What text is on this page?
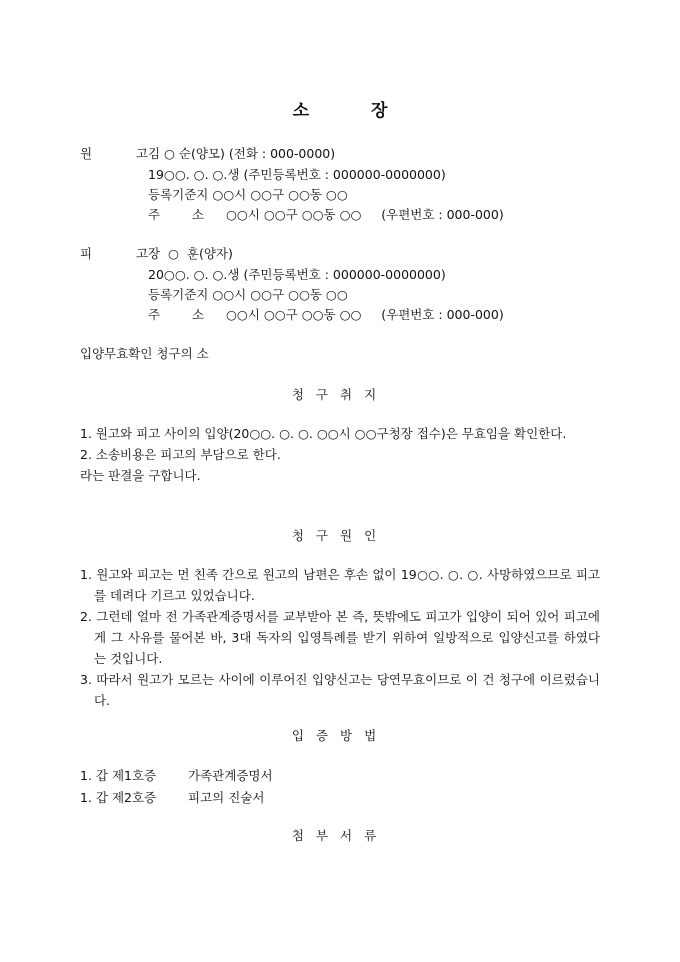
소	장
원 고
김 ○ 순(양모) (전화 : 000-0000)
19○○. ○. ○.생 (주민등록번호 : 000000-0000000)
등록기준지 ○○시 ○○구 ○○동 ○○
주        소 ○○시 ○○구 ○○동 ○○     (우편번호 : 000-000)
피 고
장  ○  훈(양자)
20○○. ○. ○.생 (주민등록번호 : 000000-0000000)
등록기준지 ○○시 ○○구 ○○동 ○○
주        소 ○○시 ○○구 ○○동 ○○     (우편번호 : 000-000)
입양무효확인 청구의 소
청구취지
1. 원고와 피고 사이의 입양(20○○. ○. ○. ○○시 ○○구청장 접수)은 무효임을 확인한다.
2. 소송비용은 피고의 부담으로 한다.
라는 판결을 구합니다.
청구원인
1. 원고와 피고는 먼 친족 간으로 원고의 남편은 후손 없이 19○○. ○. ○. 사망하였으므로 피고를 데려다 기르고 있었습니다.
2. 그런데 얼마 전 가족관계증명서를 교부받아 본 즉, 뜻밖에도 피고가 입양이 되어 있어 피고에게 그 사유를 물어본 바, 3대 독자의 입영특례를 받기 위하여 일방적으로 입양신고를 하였다는 것입니다.
3. 따라서 원고가 모르는 사이에 이루어진 입양신고는 당연무효이므로 이 건 청구에 이르렀습니다.
입증방법
1. 갑 제1호증	가족관계증명서
1. 갑 제2호증	피고의 진술서
첨부서류
